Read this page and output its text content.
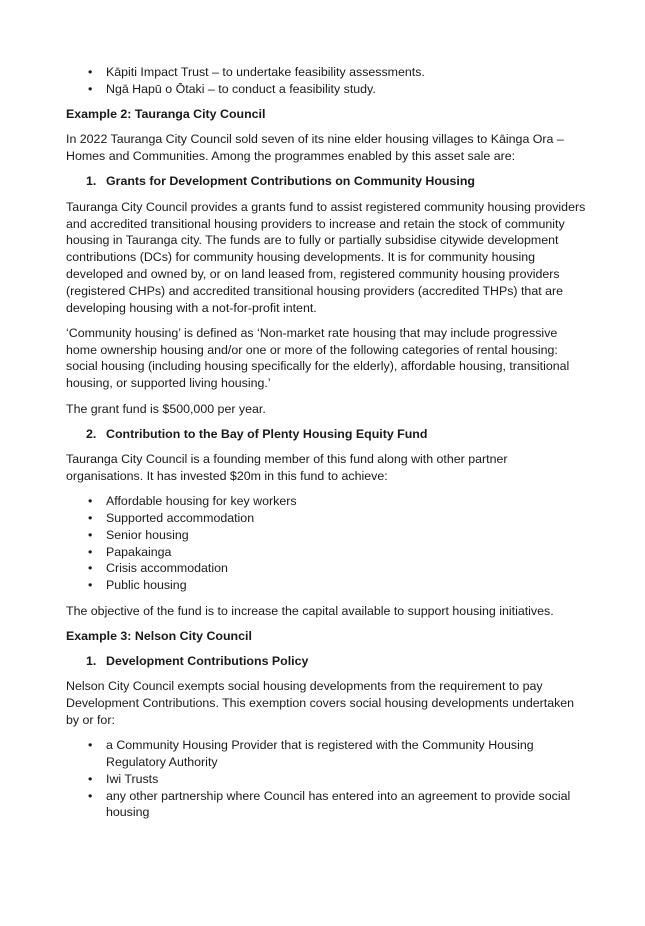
• Kāpiti Impact Trust – to undertake feasibility assessments.
• Ngā Hapū o Ōtaki – to conduct a feasibility study.
Example 2: Tauranga City Council

In 2022 Tauranga City Council sold seven of its nine elder housing villages to Kāinga Ora – Homes and Communities. Among the programmes enabled by this asset sale are:

1. Grants for Development Contributions on Community Housing

Tauranga City Council provides a grants fund to assist registered community housing providers and accredited transitional housing providers to increase and retain the stock of community housing in Tauranga city. The funds are to fully or partially subsidise citywide development contributions (DCs) for community housing developments. It is for community housing developed and owned by, or on land leased from, registered community housing providers (registered CHPs) and accredited transitional housing providers (accredited THPs) that are developing housing with a not-for-profit intent.

‘Community housing’ is defined as ‘Non-market rate housing that may include progressive home ownership housing and/or one or more of the following categories of rental housing: social housing (including housing specifically for the elderly), affordable housing, transitional housing, or supported living housing.’

The grant fund is $500,000 per year.

2. Contribution to the Bay of Plenty Housing Equity Fund

Tauranga City Council is a founding member of this fund along with other partner organisations. It has invested $20m in this fund to achieve:

• Affordable housing for key workers
• Supported accommodation
• Senior housing
• Papakainga
• Crisis accommodation
• Public housing

The objective of the fund is to increase the capital available to support housing initiatives.

Example 3: Nelson City Council
1. Development Contributions Policy

Nelson City Council exempts social housing developments from the requirement to pay Development Contributions. This exemption covers social housing developments undertaken by or for:

• a Community Housing Provider that is registered with the Community Housing Regulatory Authority
• Iwi Trusts
• any other partnership where Council has entered into an agreement to provide social housing
